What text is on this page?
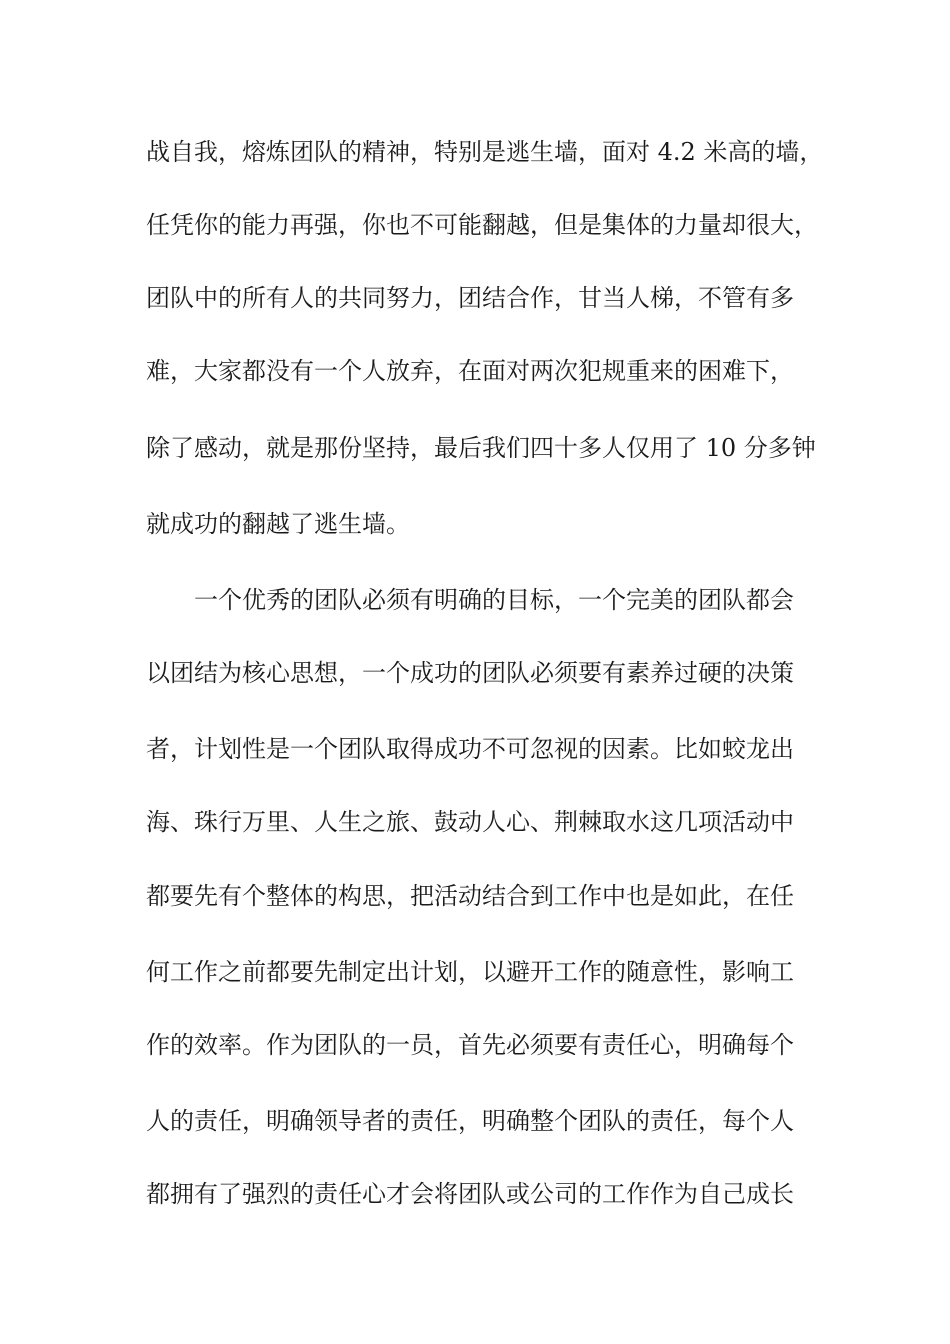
战自我，熔炼团队的精神，特别是逃生墙，面对 4.2 米高的墙，

任凭你的能力再强，你也不可能翻越，但是集体的力量却很大，

团队中的所有人的共同努力，团结合作，甘当人梯，不管有多

难，大家都没有一个人放弃，在面对两次犯规重来的困难下，

除了感动，就是那份坚持，最后我们四十多人仅用了 10 分多钟

就成功的翻越了逃生墙。

一个优秀的团队必须有明确的目标，一个完美的团队都会

以团结为核心思想，一个成功的团队必须要有素养过硬的决策

者，计划性是一个团队取得成功不可忽视的因素。比如蛟龙出

海、珠行万里、人生之旅、鼓动人心、荆棘取水这几项活动中

都要先有个整体的构思，把活动结合到工作中也是如此，在任

何工作之前都要先制定出计划，以避开工作的随意性，影响工

作的效率。作为团队的一员，首先必须要有责任心，明确每个

人的责任，明确领导者的责任，明确整个团队的责任，每个人

都拥有了强烈的责任心才会将团队或公司的工作作为自己成长
